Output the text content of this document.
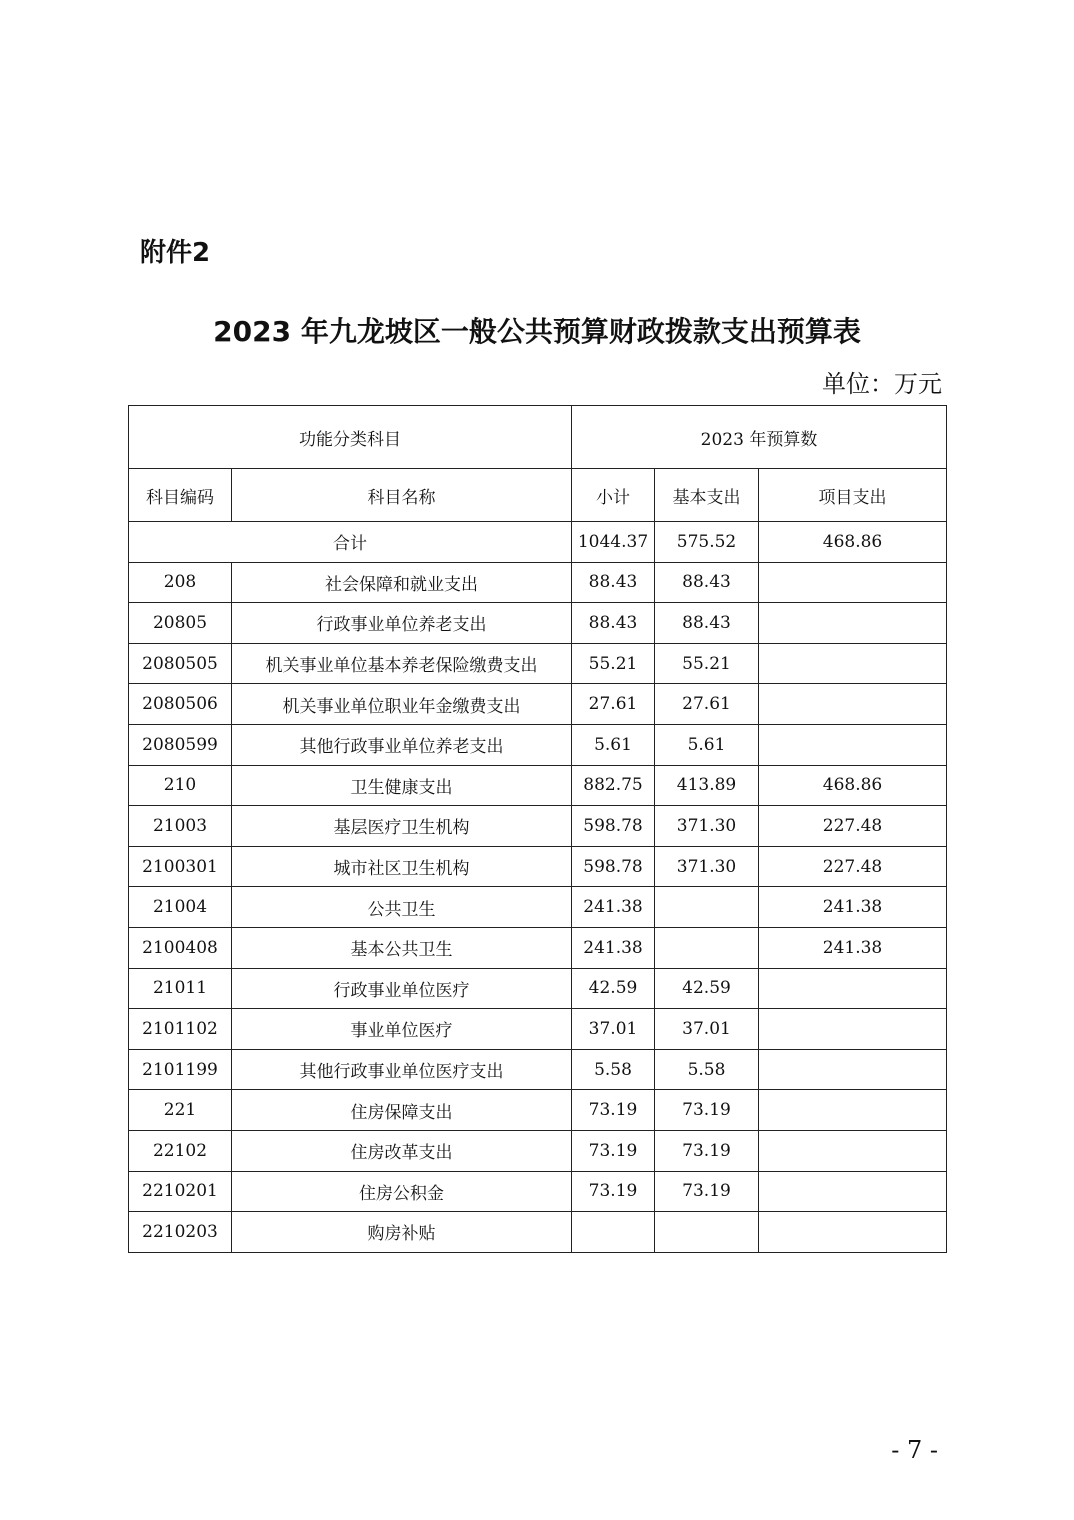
附件2
2023 年九龙坡区一般公共预算财政拨款支出预算表
单位：万元
功能分类科目		2023 年预算数		
科目编码	科目名称	小计	基本支出	项目支出
合计		1044.37	575.52	468.86
208	社会保障和就业支出	88.43	88.43	
20805	行政事业单位养老支出	88.43	88.43	
2080505	机关事业单位基本养老保险缴费支出	55.21	55.21	
2080506	机关事业单位职业年金缴费支出	27.61	27.61	
2080599	其他行政事业单位养老支出	5.61	5.61	
210	卫生健康支出	882.75	413.89	468.86
21003	基层医疗卫生机构	598.78	371.30	227.48
2100301	城市社区卫生机构	598.78	371.30	227.48
21004	公共卫生	241.38		241.38
2100408	基本公共卫生	241.38		241.38
21011	行政事业单位医疗	42.59	42.59	
2101102	事业单位医疗	37.01	37.01	
2101199	其他行政事业单位医疗支出	5.58	5.58	
221	住房保障支出	73.19	73.19	
22102	住房改革支出	73.19	73.19	
2210201	住房公积金	73.19	73.19	
2210203	购房补贴			
- 7 -
